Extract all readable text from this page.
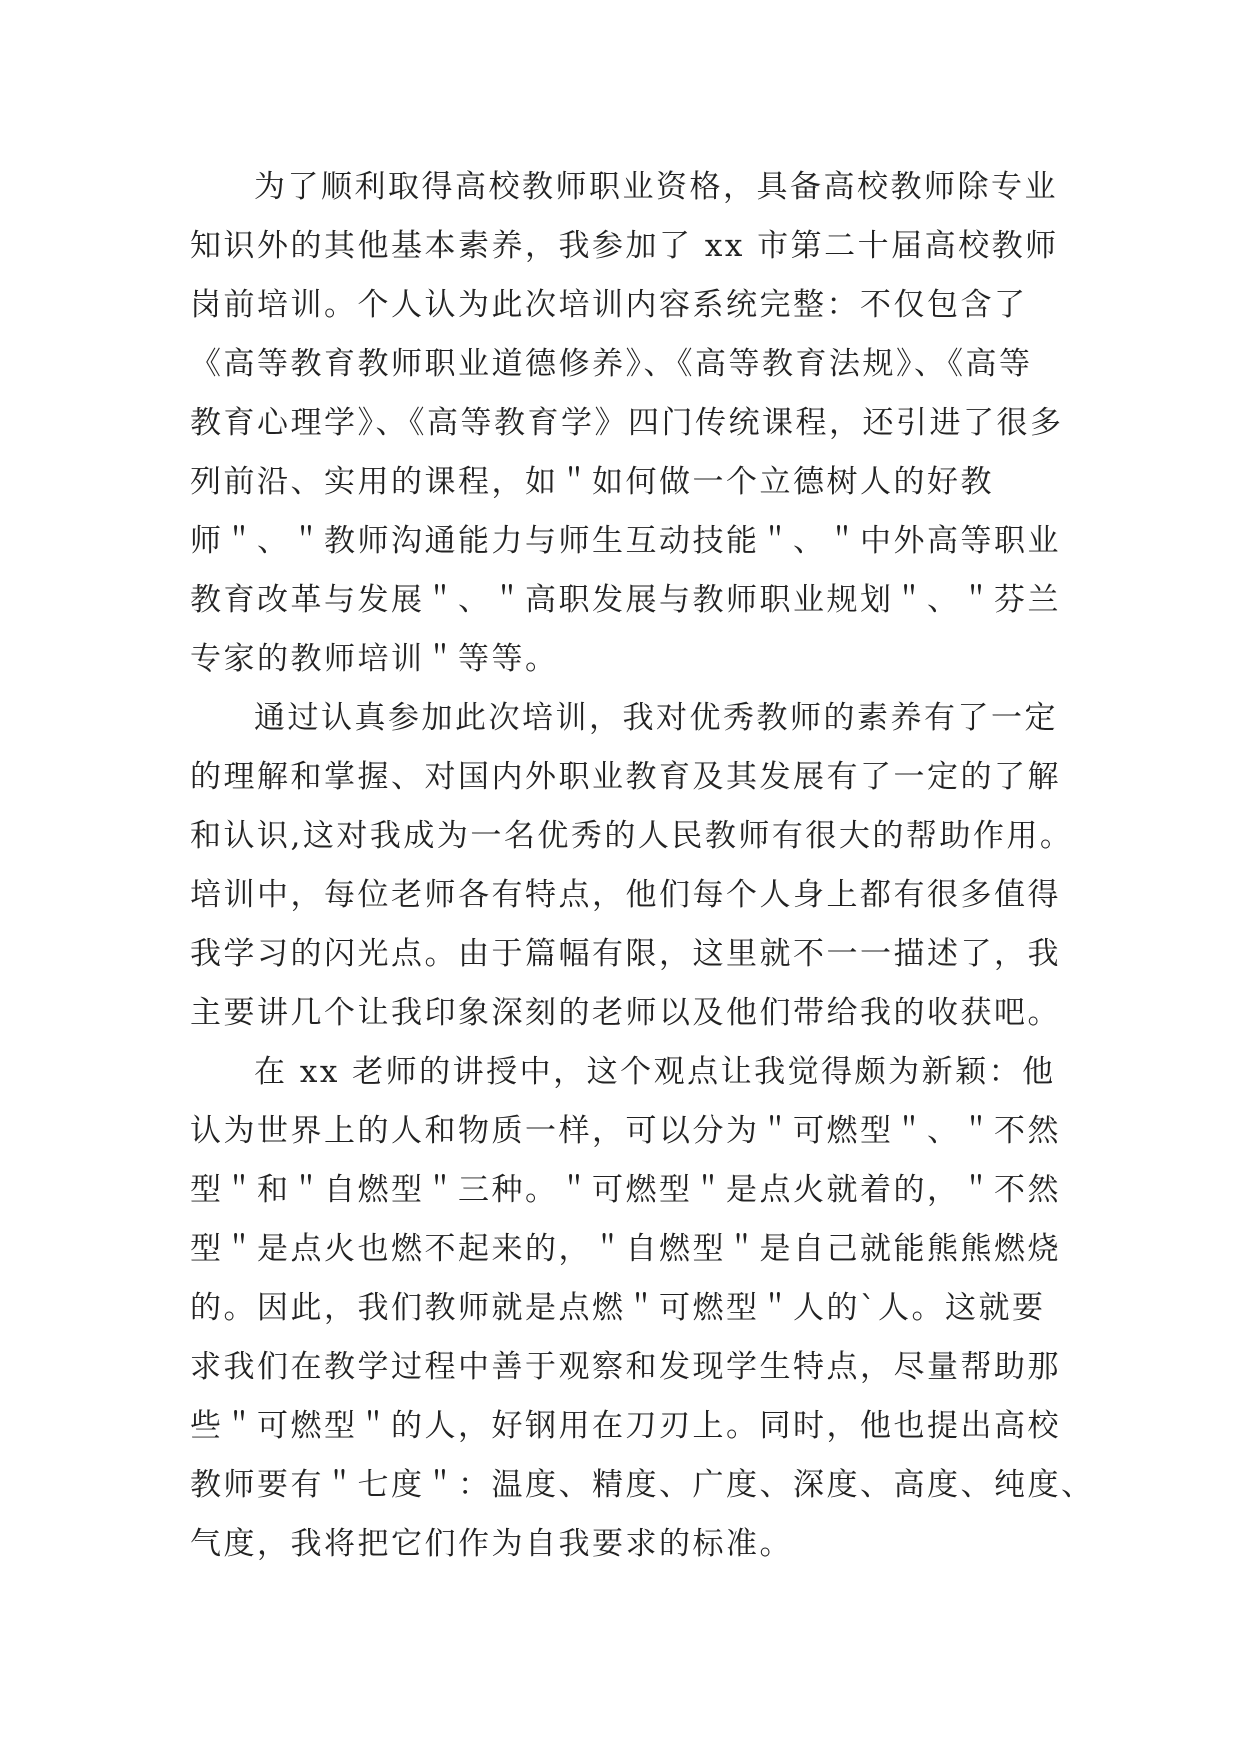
为了顺利取得高校教师职业资格，具备高校教师除专业
知识外的其他基本素养，我参加了 xx 市第二十届高校教师
岗前培训。个人认为此次培训内容系统完整：不仅包含了
《高等教育教师职业道德修养》、《高等教育法规》、《高等
教育心理学》、《高等教育学》四门传统课程，还引进了很多
列前沿、实用的课程，如＂如何做一个立德树人的好教
师＂、＂教师沟通能力与师生互动技能＂、＂中外高等职业
教育改革与发展＂、＂高职发展与教师职业规划＂、＂芬兰
专家的教师培训＂等等。
通过认真参加此次培训，我对优秀教师的素养有了一定
的理解和掌握、对国内外职业教育及其发展有了一定的了解
和认识,这对我成为一名优秀的人民教师有很大的帮助作用。
培训中，每位老师各有特点，他们每个人身上都有很多值得
我学习的闪光点。由于篇幅有限，这里就不一一描述了，我
主要讲几个让我印象深刻的老师以及他们带给我的收获吧。
在 xx 老师的讲授中，这个观点让我觉得颇为新颖：他
认为世界上的人和物质一样，可以分为＂可燃型＂、＂不然
型＂和＂自燃型＂三种。＂可燃型＂是点火就着的，＂不然
型＂是点火也燃不起来的，＂自燃型＂是自己就能熊熊燃烧
的。因此，我们教师就是点燃＂可燃型＂人的`人。这就要
求我们在教学过程中善于观察和发现学生特点，尽量帮助那
些＂可燃型＂的人，好钢用在刀刃上。同时，他也提出高校
教师要有＂七度＂：温度、精度、广度、深度、高度、纯度、
气度，我将把它们作为自我要求的标准。
